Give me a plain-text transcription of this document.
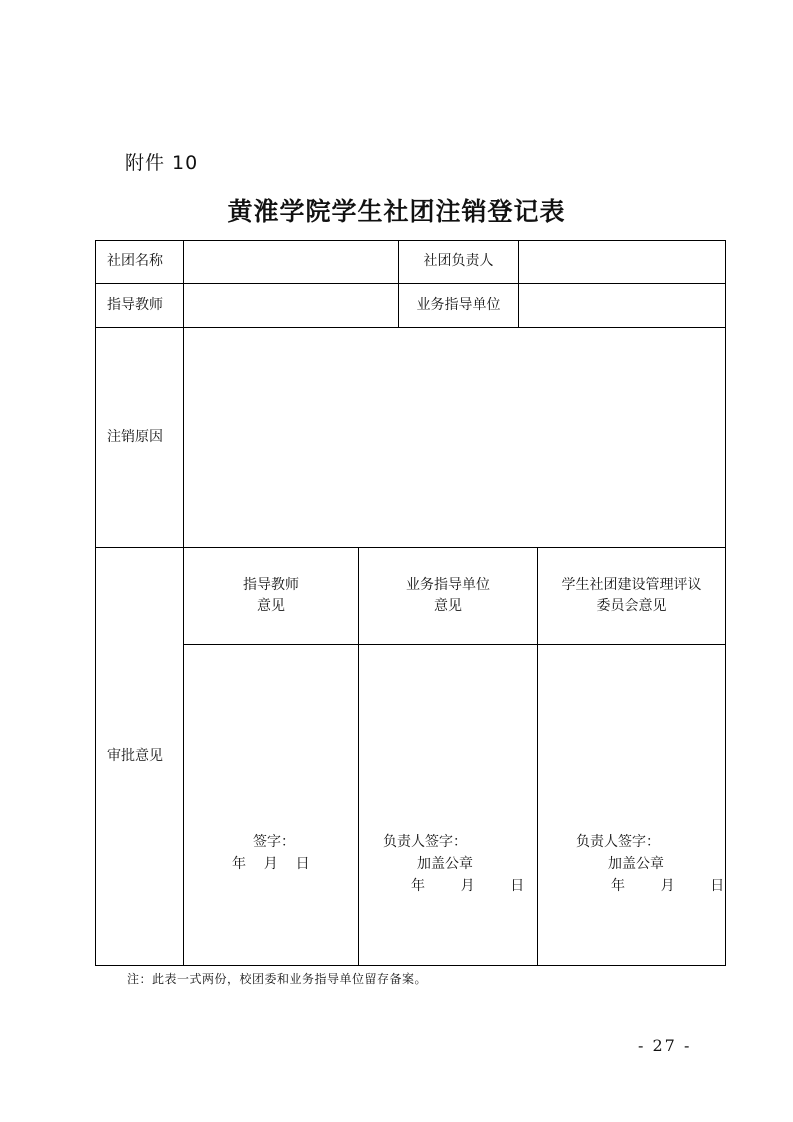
附件 10
黄淮学院学生社团注销登记表
社团名称	社团负责人
指导教师	业务指导单位
注销原因
审批意见
指导教师
意见
业务指导单位
意见
学生社团建设管理评议
委员会意见
签字：
年    月    日
负责人签字：
加盖公章
年        月        日
负责人签字：
加盖公章
年        月        日
注：此表一式两份，校团委和业务指导单位留存备案。
- 27 -
